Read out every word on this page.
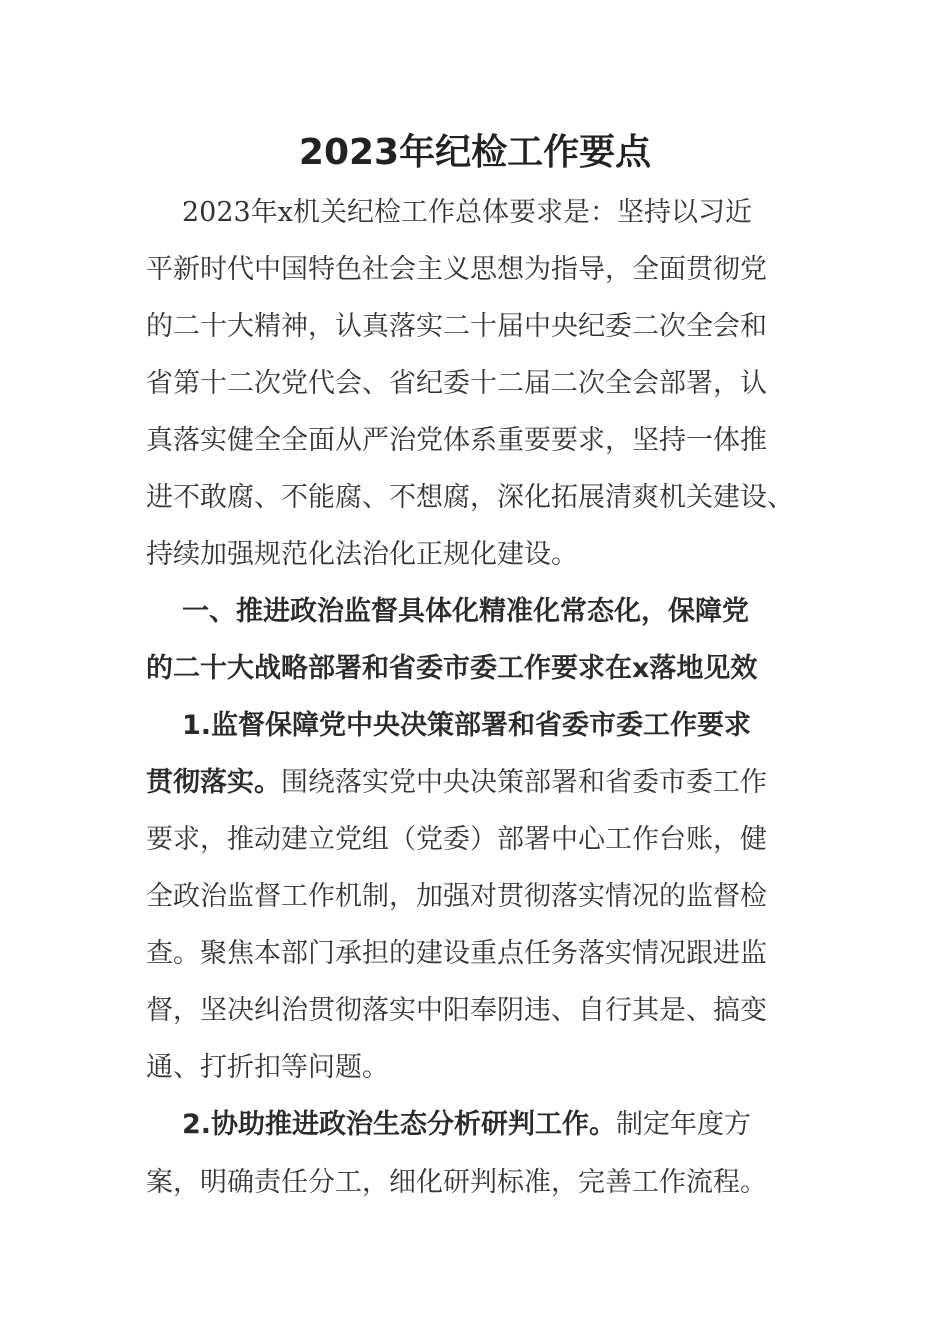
2023年纪检工作要点
2023年x机关纪检工作总体要求是：坚持以习近
平新时代中国特色社会主义思想为指导，全面贯彻党
的二十大精神，认真落实二十届中央纪委二次全会和
省第十二次党代会、省纪委十二届二次全会部署，认
真落实健全全面从严治党体系重要要求，坚持一体推
进不敢腐、不能腐、不想腐，深化拓展清爽机关建设、
持续加强规范化法治化正规化建设。
一、推进政治监督具体化精准化常态化，保障党
的二十大战略部署和省委市委工作要求在x落地见效
1.监督保障党中央决策部署和省委市委工作要求
贯彻落实。围绕落实党中央决策部署和省委市委工作
要求，推动建立党组（党委）部署中心工作台账，健
全政治监督工作机制，加强对贯彻落实情况的监督检
查。聚焦本部门承担的建设重点任务落实情况跟进监
督，坚决纠治贯彻落实中阳奉阴违、自行其是、搞变
通、打折扣等问题。
2.协助推进政治生态分析研判工作。制定年度方
案，明确责任分工，细化研判标准，完善工作流程。
